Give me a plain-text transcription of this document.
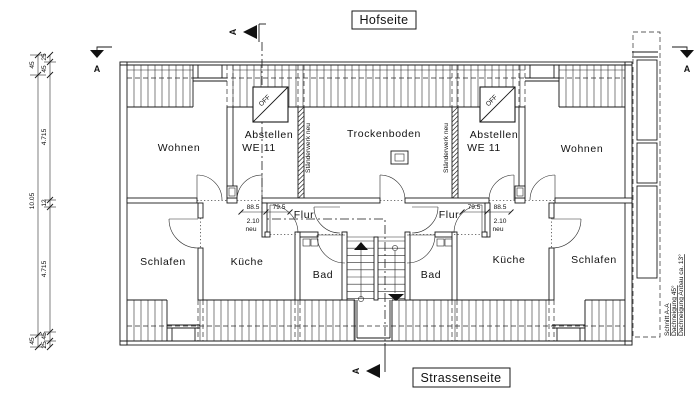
45
10.05
45
25
45
4.715
12
4.715
45
25
A
A
A	A
OFF	OFF
88.5 79.5
2.10
neu
79.5 88.5
2.10
neu
Wohnen
Abstellen
WE 11
Trockenboden	Abstellen
WE 11	Wohnen
Schlafen	Küche
Bad
Flur	Flur
Bad
Küche	Schlafen
Ständerwerk neu	Ständerwerk neu
Schnitt A-A Dachneigung 45° Dachneigung Anbau ca. 13°
Hofseite
Strassenseite
